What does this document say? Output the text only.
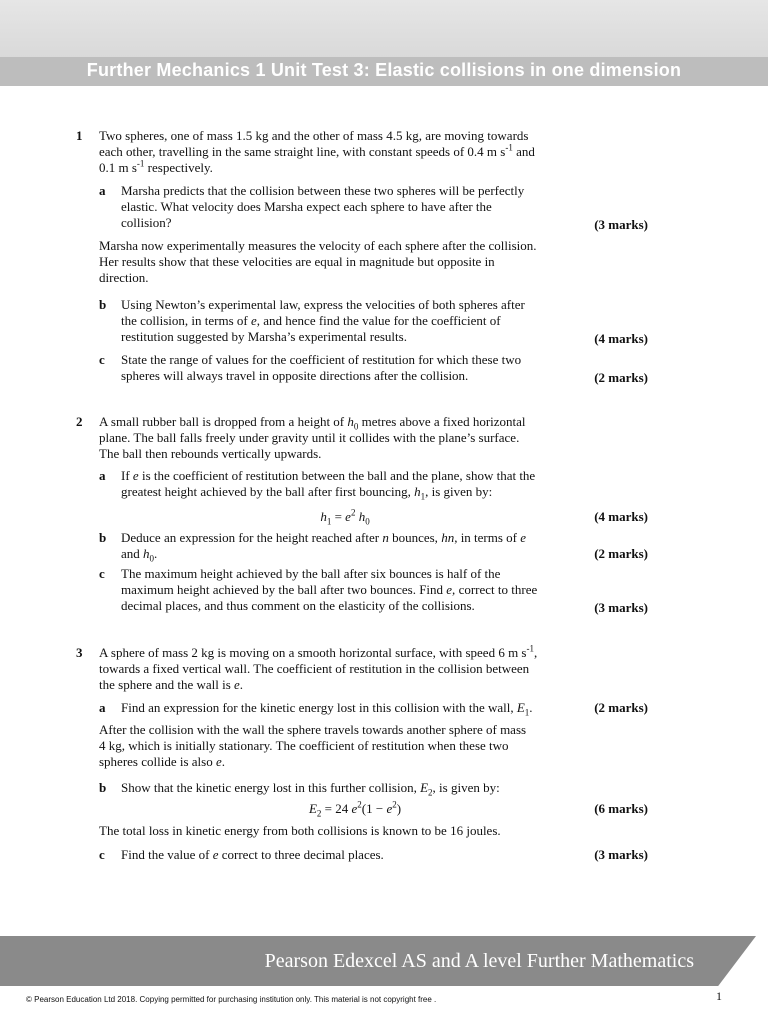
Further Mechanics 1 Unit Test 3: Elastic collisions in one dimension
1 Two spheres, one of mass 1.5 kg and the other of mass 4.5 kg, are moving towards
each other, travelling in the same straight line, with constant speeds of 0.4 m $s^{-1}$ and
0.1 m $s^{-1}$ respectively.
a Marsha predicts that the collision between these two spheres will be perfectly
elastic. What velocity does Marsha expect each sphere to have after the
collision?	(3 marks)
Marsha now experimentally measures the velocity of each sphere after the collision.
Her results show that these velocities are equal in magnitude but opposite in
direction.
b Using Newton’s experimental law, express the velocities of both spheres after
the collision, in terms of e, and hence find the value for the coefficient of
restitution suggested by Marsha’s experimental results.	(4 marks)
c State the range of values for the coefficient of restitution for which these two
spheres will always travel in opposite directions after the collision.	(2 marks)
2 A small rubber ball is dropped from a height of $h_0$ metres above a fixed horizontal
plane. The ball falls freely under gravity until it collides with the plane’s surface.
The ball then rebounds vertically upwards.
a If e is the coefficient of restitution between the ball and the plane, show that the
greatest height achieved by the ball after first bouncing, $h_1$, is given by:
$h_1 = e^2$ $h_0$	(4 marks)
b Deduce an expression for the height reached after n bounces, hn, in terms of e
and $h_0$.	(2 marks)
c The maximum height achieved by the ball after six bounces is half of the
maximum height achieved by the ball after two bounces. Find e, correct to three
decimal places, and thus comment on the elasticity of the collisions.	(3 marks)
3 A sphere of mass 2 kg is moving on a smooth horizontal surface, with speed 6 m $s^{-1}$,
towards a fixed vertical wall. The coefficient of restitution in the collision between
the sphere and the wall is e.
a Find an expression for the kinetic energy lost in this collision with the wall, $E_1$.	(2 marks)
After the collision with the wall the sphere travels towards another sphere of mass
4 kg, which is initially stationary. The coefficient of restitution when these two
spheres collide is also e.
b Show that the kinetic energy lost in this further collision, $E_2$, is given by:
$E_2 = 24$ $e^2(1 - e^2)$	(6 marks)
The total loss in kinetic energy from both collisions is known to be 16 joules.
c Find the value of e correct to three decimal places.	(3 marks)
Pearson Edexcel AS and A level Further Mathematics
© Pearson Education Ltd 2018. Copying permitted for purchasing institution only. This material is not copyright free .	1
